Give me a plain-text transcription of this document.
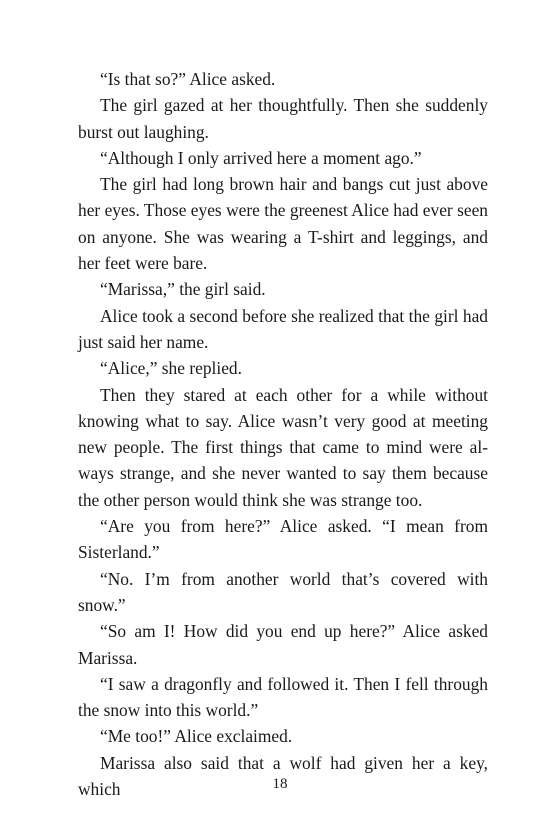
“Is that so?” Alice asked.

The girl gazed at her thoughtfully. Then she suddenly burst out laughing.

“Although I only arrived here a moment ago.”

The girl had long brown hair and bangs cut just above her eyes. Those eyes were the greenest Alice had ever seen on anyone. She was wearing a T-shirt and leggings, and her feet were bare.

“Marissa,” the girl said.

Alice took a second before she realized that the girl had just said her name.

“Alice,” she replied.

Then they stared at each other for a while without knowing what to say. Alice wasn’t very good at meeting new people. The first things that came to mind were always strange, and she never wanted to say them because the other person would think she was strange too.

“Are you from here?” Alice asked. “I mean from Sisterland.”

“No. I’m from another world that’s covered with snow.”

“So am I! How did you end up here?” Alice asked Marissa.

“I saw a dragonfly and followed it. Then I fell through the snow into this world.”

“Me too!” Alice exclaimed.

Marissa also said that a wolf had given her a key, which	18
